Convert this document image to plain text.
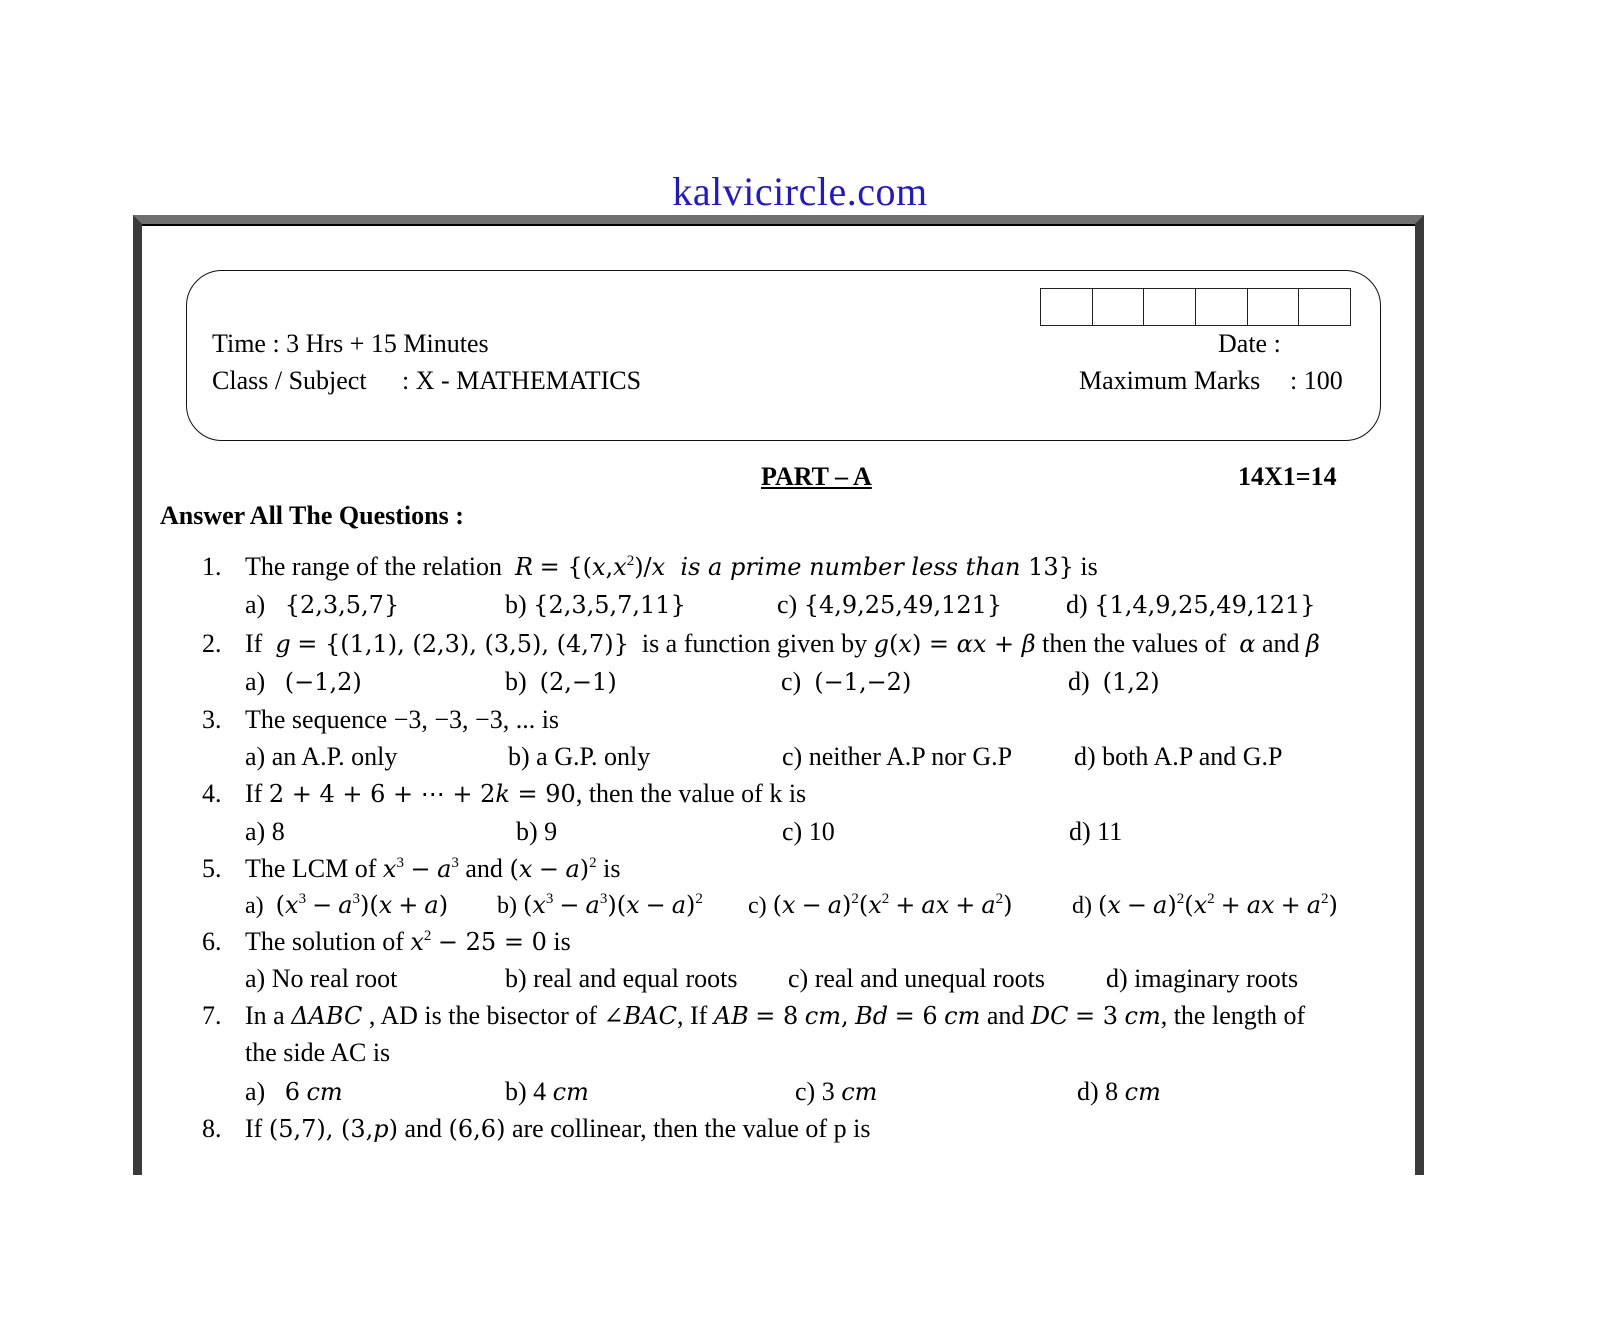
kalvicircle.com
Time : 3 Hrs + 15 Minutes
Class / Subject : X - MATHEMATICS
Date :
Maximum Marks : 100
PART – A	14X1=14
Answer All The Questions :
1. The range of the relation  $R = \{(x,x^2)/x$  is a prime number less than 13} is
a) {2,3,5,7}	b) {2,3,5,7,11}	c) {4,9,25,49,121} d) {1,4,9,25,49,121}
2. If  g = {(1,1), (2,3), (3,5), (4,7)}  is a function given by g(x) = αx + β then the values of  α and β
a) (−1,2)	b) (2,−1)	c) (−1,−2)	d) (1,2)
3. The sequence −3, −3, −3, ... is
a) an A.P. only	b) a G.P. only	c) neither A.P nor G.P d) both A.P and G.P
4. If 2 + 4 + 6 + ⋯ + 2k = 90, then the value of k is
a) 8	b) 9	c) 10	d) 11
5. The LCM of $x^3 - a^3$ and $(x - a)^2$ is
a) $(x^3 - a^3)(x + a)$ b) $(x^3 - a^3)(x - a)^2$ c) $(x - a)^2(x^2$ + ax + $a^2$) d) $(x - a)^2(x^2$ + ax + $a^2$)
6. The solution of $x^2 - 25 = 0$ is
a) No real root	b) real and equal roots c) real and unequal roots d) imaginary roots
7. In a ΔABC , AD is the bisector of ∠BAC, If AB = 8 cm, Bd = 6 cm and DC = 3 cm, the length of
the side AC is
a) 6 cm	b) 4 cm	c) 3 cm	d) 8 cm
8. If (5,7), (3,p) and (6,6) are collinear, then the value of p is
